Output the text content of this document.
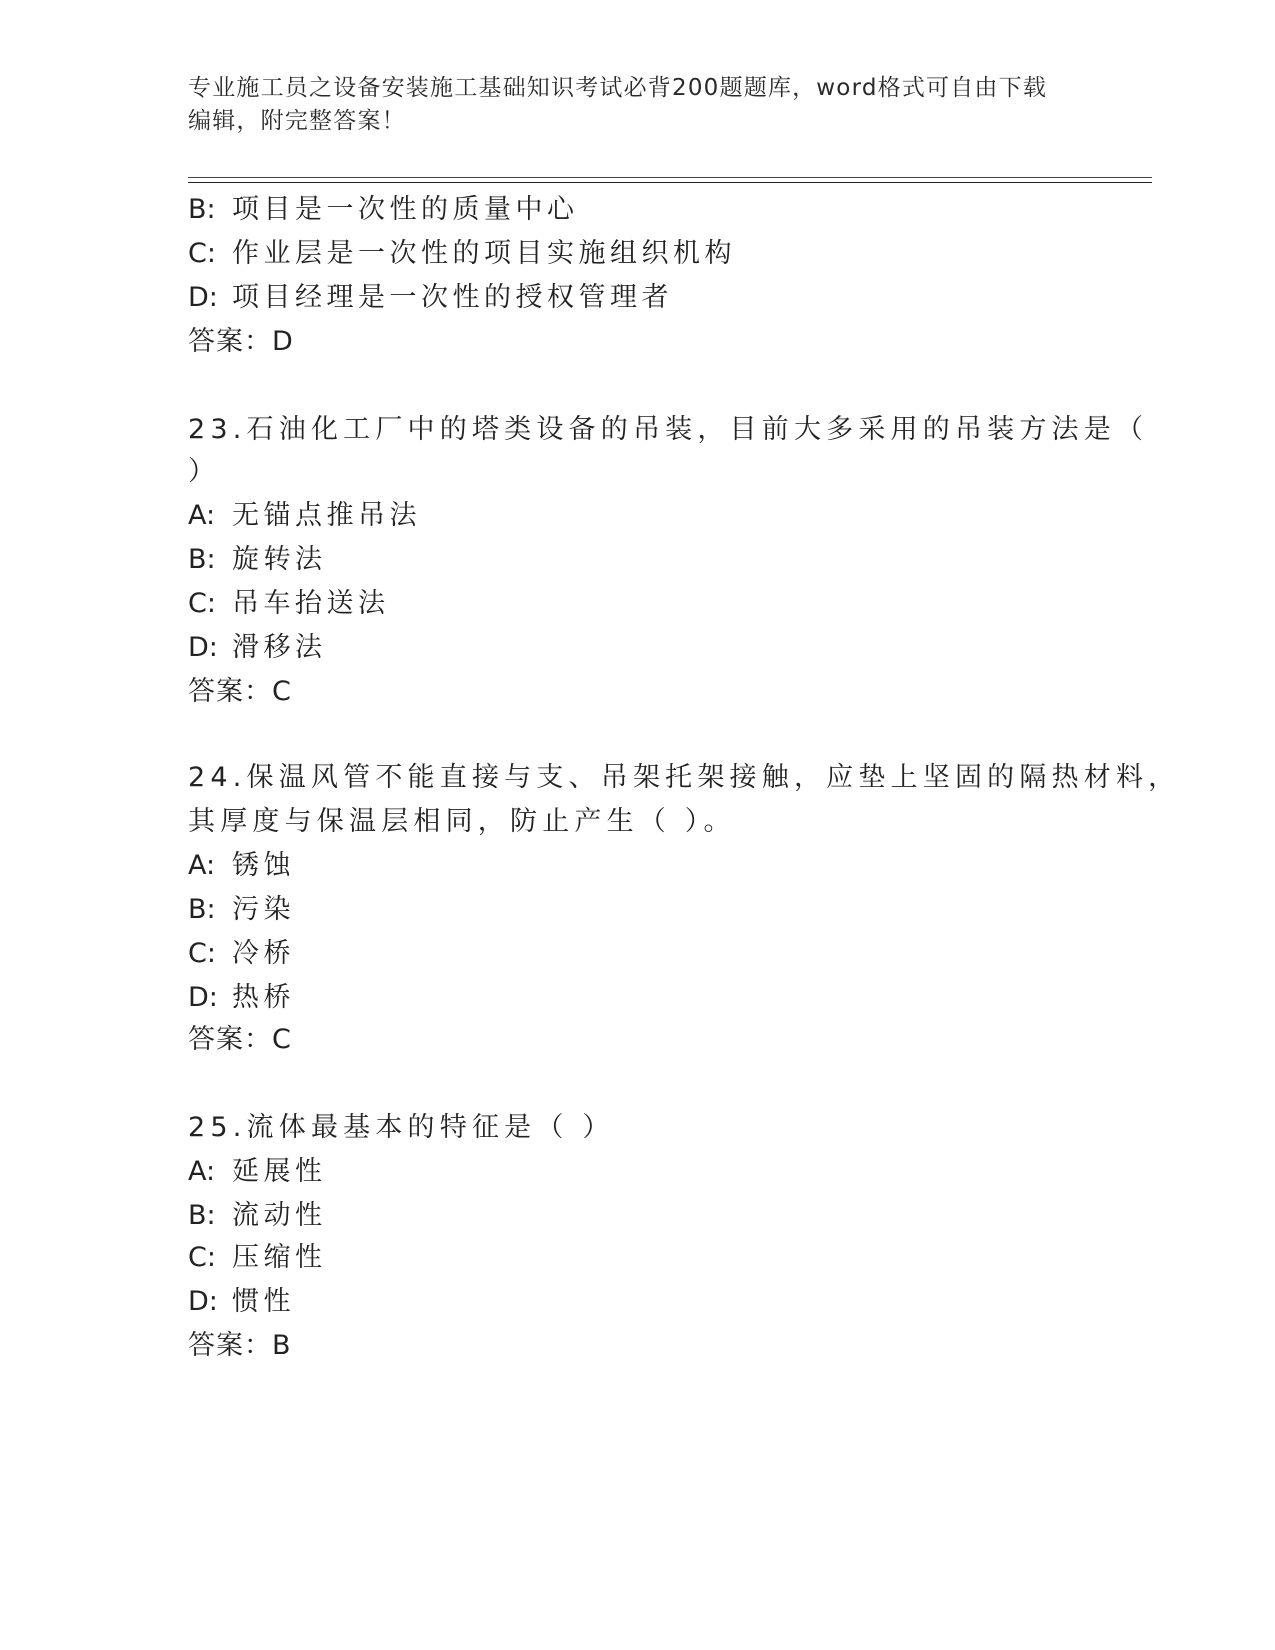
专业施工员之设备安装施工基础知识考试必背200题题库，word格式可自由下载
编辑，附完整答案！
B: 项目是一次性的质量中心
C: 作业层是一次性的项目实施组织机构
D: 项目经理是一次性的授权管理者
答案：D
23.石油化工厂中的塔类设备的吊装，目前大多采用的吊装方法是（
）
A: 无锚点推吊法
B: 旋转法
C: 吊车抬送法
D: 滑移法
答案：C
24.保温风管不能直接与支、吊架托架接触，应垫上坚固的隔热材料，
其厚度与保温层相同，防止产生（ ）。
A: 锈蚀
B: 污染
C: 冷桥
D: 热桥
答案：C
25.流体最基本的特征是（ ）
A: 延展性
B: 流动性
C: 压缩性
D: 惯性
答案：B
